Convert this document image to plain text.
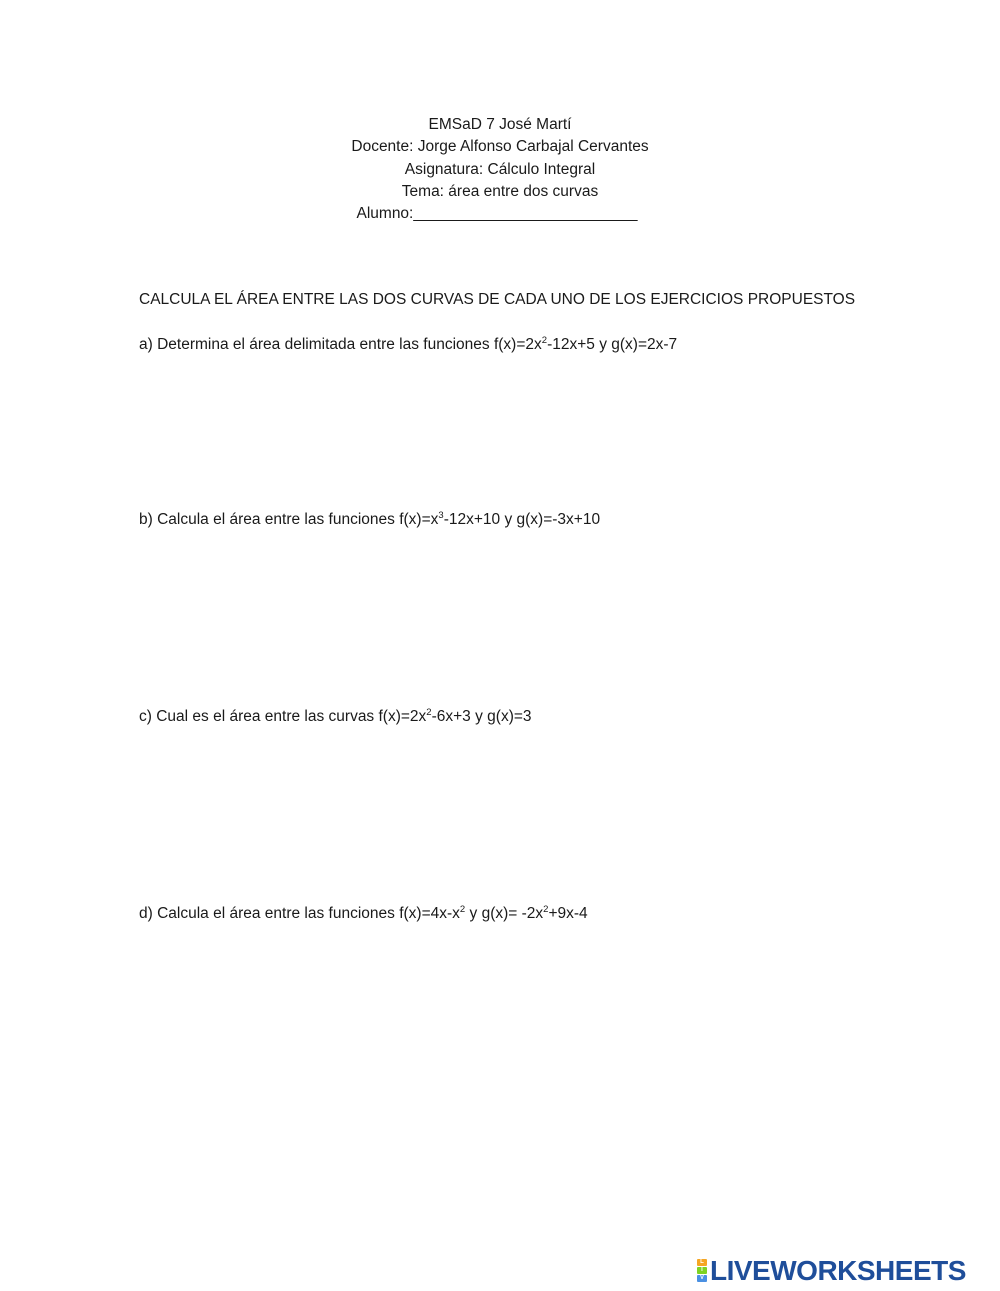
EMSaD 7 José Martí
Docente: Jorge Alfonso Carbajal Cervantes
Asignatura: Cálculo Integral
Tema: área entre dos curvas
Alumno:__________________________
CALCULA EL ÁREA ENTRE LAS DOS CURVAS DE CADA UNO DE LOS EJERCICIOS PROPUESTOS
a) Determina el área delimitada entre las funciones $f(x)=2x^2-12x+5$ y g(x)=2x-7
b) Calcula el área entre las funciones $f(x)=x^3-12x+10$ y g(x)=-3x+10
c) Cual es el área entre las curvas $f(x)=2x^2-6x+3$ y g(x)=3
d) Calcula el área entre las funciones $f(x)=4x-x^2$ y $g(x)= -2x^2+9x-4$
L
I
V LIVEWORKSHEETS
